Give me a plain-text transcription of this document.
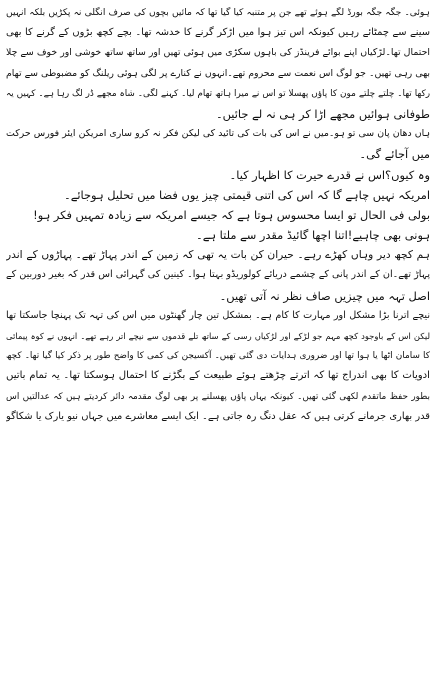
ہوئی۔ جگہ جگہ بورڈ لگے ہوئے تھے جن پر متنبہ کیا گیا تھا کہ مائیں بچوں کی صرف انگلی نہ پکڑیں بلکہ انہیں
سینے سے چمٹائے رہیں کیونکہ اس تیز ہوا میں اڑکر گرنے کا خدشہ تھا۔ بچے کچھ بڑوں کے گرنے کا بھی
احتمال تھا۔لڑکیاں اپنے بوائے فرینڈز کی باہوں سکڑی میں ہوئی تھیں اور ساتھ ساتھ خوشی اور خوف سے چلا
بھی رہی تھیں۔ جو لوگ اس نعمت سے محروم تھے۔انہوں نے کنارے پر لگی ہوئی ریلنگ کو مضبوطی سے تھام
رکھا تھا۔ چلتے چلتے مون کا پاؤں پھسلا تو اس نے میرا ہاتھ تھام لیا۔ کہنے لگی۔ شاہ مجھے ڈر لگ رہا ہے۔ کہیں یہ
طوفانی ہوائیں مجھے اڑا کر ہی نہ لے جائیں۔
ہاں دھان پان سی تو ہو۔میں نے اس کی بات کی تائید کی لیکن فکر نہ کرو ساری امریکن ایئر فورس حرکت
میں آجائے گی۔
وہ کیوں؟اس نے قدرے حیرت کا اظہار کیا۔
امریکہ نہیں چاہے گا کہ اس کی اتنی قیمتی چیز یوں فضا میں تحلیل ہوجائے۔
بولی فی الحال تو ایسا محسوس ہوتا ہے کہ جیسے امریکہ سے زیادہ تمہیں فکر ہو!
ہونی بھی چاہیے!اتنا اچھا گائیڈ مقدر سے ملتا ہے۔
ہم کچھ دیر وہاں کھڑے رہے۔ حیران کن بات یہ تھی کہ زمین کے اندر پہاڑ تھے۔ پہاڑوں کے اندر
پہاڑ تھے۔ان کے اندر پانی کے چشمے دریائے کولوریڈو بہتا ہوا۔ کینین کی گہرائی اس قدر کہ بغیر دوربین کے
اصل تہہ میں چیزیں صاف نظر نہ آتی تھیں۔
نیچے اترنا بڑا مشکل اور مہارت کا کام ہے۔ بمشکل تین چار گھنٹوں میں اس کی تہہ تک پہنچا جاسکتا تھا
لیکن اس کے باوجود کچھ مہم جو لڑکے اور لڑکیاں رسی کے ساتھ تلے قدموں سے نیچے اتر رہے تھے۔ انہوں نے کوہ پیمائی
کا سامان اٹھا یا ہوا تھا اور ضروری ہدایات دی گئی تھیں۔ آکسیجن کی کمی کا واضح طور پر ذکر کیا گیا تھا۔ کچھ
ادویات کا بھی اندراج تھا کہ اترتے چڑھتے ہوئے طبیعت کے بگڑنے کا احتمال ہوسکتا تھا۔ یہ تمام باتیں
بطور حفظ ماتقدم لکھی گئی تھیں۔ کیونکہ یہاں پاؤں پھسلنے پر بھی لوگ مقدمہ دائر کردیتے ہیں کہ عدالتیں اس
قدر بھاری جرمانے کرتی ہیں کہ عقل دنگ رہ جاتی ہے۔ ایک ایسے معاشرے میں جہاں نیو یارک یا شکاگو
